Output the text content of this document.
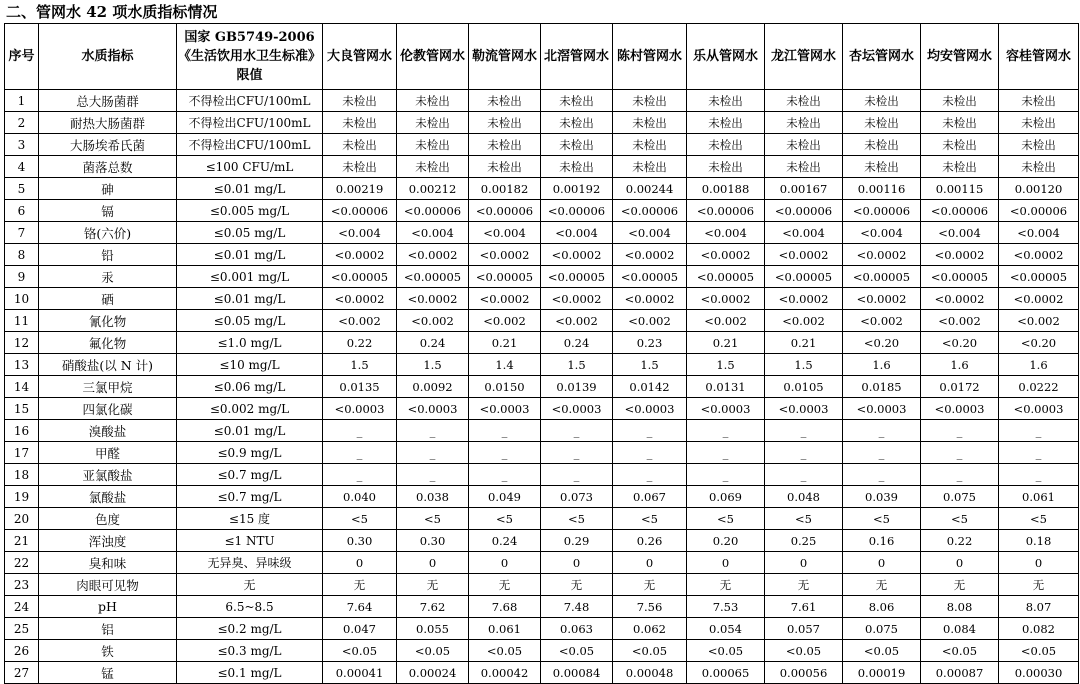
二、管网水 42 项水质指标情况
序号	水质指标	国家 GB5749-2006《生活饮用水卫生标准》限值	大良管网水	伦教管网水	勒流管网水	北滘管网水	陈村管网水	乐从管网水	龙江管网水	杏坛管网水	均安管网水	容桂管网水
1	总大肠菌群	不得检出CFU/100mL	未检出	未检出	未检出	未检出	未检出	未检出	未检出	未检出	未检出	未检出
2	耐热大肠菌群	不得检出CFU/100mL	未检出	未检出	未检出	未检出	未检出	未检出	未检出	未检出	未检出	未检出
3	大肠埃希氏菌	不得检出CFU/100mL	未检出	未检出	未检出	未检出	未检出	未检出	未检出	未检出	未检出	未检出
4	菌落总数	≤100 CFU/mL	未检出	未检出	未检出	未检出	未检出	未检出	未检出	未检出	未检出	未检出
5	砷	≤0.01 mg/L	0.00219	0.00212	0.00182	0.00192	0.00244	0.00188	0.00167	0.00116	0.00115	0.00120
6	镉	≤0.005 mg/L	<0.00006	<0.00006	<0.00006	<0.00006	<0.00006	<0.00006	<0.00006	<0.00006	<0.00006	<0.00006
7	铬(六价)	≤0.05 mg/L	<0.004	<0.004	<0.004	<0.004	<0.004	<0.004	<0.004	<0.004	<0.004	<0.004
8	铅	≤0.01 mg/L	<0.0002	<0.0002	<0.0002	<0.0002	<0.0002	<0.0002	<0.0002	<0.0002	<0.0002	<0.0002
9	汞	≤0.001 mg/L	<0.00005	<0.00005	<0.00005	<0.00005	<0.00005	<0.00005	<0.00005	<0.00005	<0.00005	<0.00005
10	硒	≤0.01 mg/L	<0.0002	<0.0002	<0.0002	<0.0002	<0.0002	<0.0002	<0.0002	<0.0002	<0.0002	<0.0002
11	氰化物	≤0.05 mg/L	<0.002	<0.002	<0.002	<0.002	<0.002	<0.002	<0.002	<0.002	<0.002	<0.002
12	氟化物	≤1.0 mg/L	0.22	0.24	0.21	0.24	0.23	0.21	0.21	<0.20	<0.20	<0.20
13	硝酸盐(以 N 计)	≤10 mg/L	1.5	1.5	1.4	1.5	1.5	1.5	1.5	1.6	1.6	1.6
14	三氯甲烷	≤0.06 mg/L	0.0135	0.0092	0.0150	0.0139	0.0142	0.0131	0.0105	0.0185	0.0172	0.0222
15	四氯化碳	≤0.002 mg/L	<0.0003	<0.0003	<0.0003	<0.0003	<0.0003	<0.0003	<0.0003	<0.0003	<0.0003	<0.0003
16	溴酸盐	≤0.01 mg/L	_	_	_	_	_	_	_	_	_	_
17	甲醛	≤0.9 mg/L	_	_	_	_	_	_	_	_	_	_
18	亚氯酸盐	≤0.7 mg/L	_	_	_	_	_	_	_	_	_	_
19	氯酸盐	≤0.7 mg/L	0.040	0.038	0.049	0.073	0.067	0.069	0.048	0.039	0.075	0.061
20	色度	≤15 度	<5	<5	<5	<5	<5	<5	<5	<5	<5	<5
21	浑浊度	≤1 NTU	0.30	0.30	0.24	0.29	0.26	0.20	0.25	0.16	0.22	0.18
22	臭和味	无异臭、异味级	0	0	0	0	0	0	0	0	0	0
23	肉眼可见物	无	无	无	无	无	无	无	无	无	无	无
24	pH	6.5~8.5	7.64	7.62	7.68	7.48	7.56	7.53	7.61	8.06	8.08	8.07
25	铝	≤0.2 mg/L	0.047	0.055	0.061	0.063	0.062	0.054	0.057	0.075	0.084	0.082
26	铁	≤0.3 mg/L	<0.05	<0.05	<0.05	<0.05	<0.05	<0.05	<0.05	<0.05	<0.05	<0.05
27	锰	≤0.1 mg/L	0.00041	0.00024	0.00042	0.00084	0.00048	0.00065	0.00056	0.00019	0.00087	0.00030
